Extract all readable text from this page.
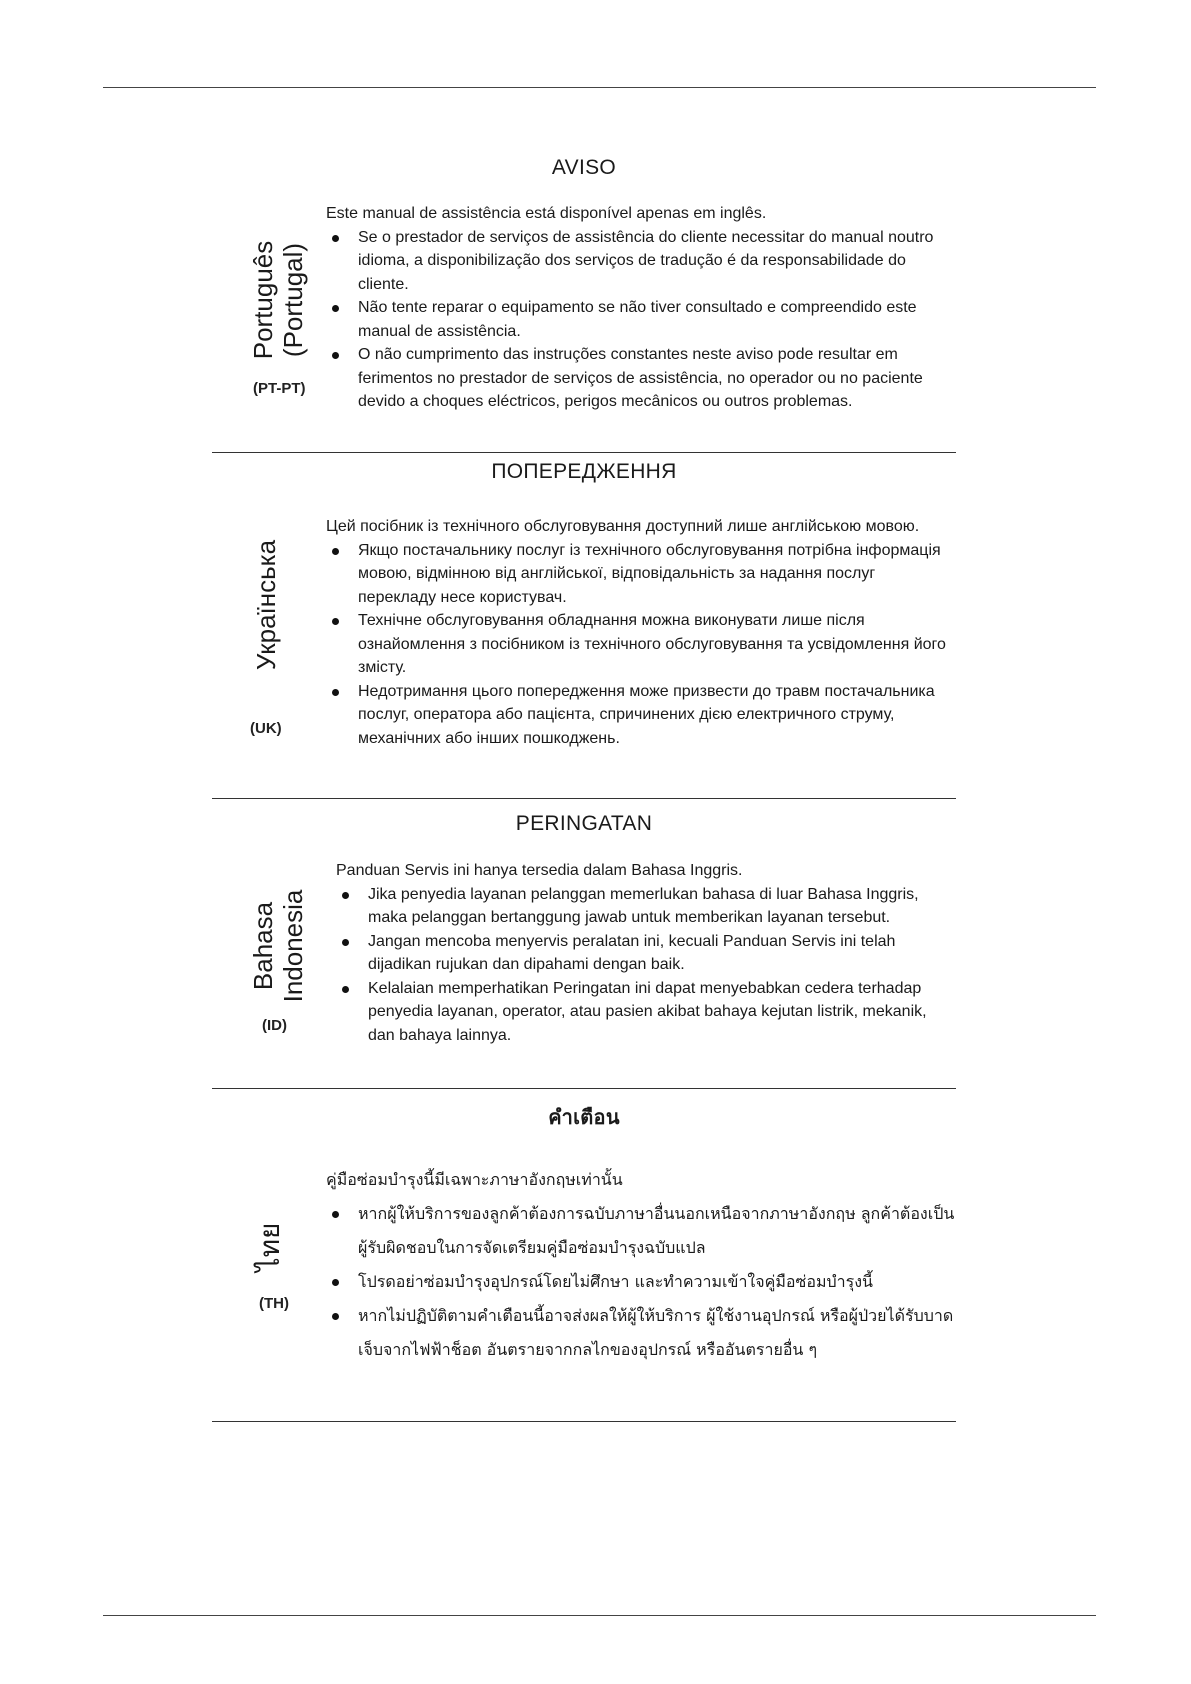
AVISO
Português
(Portugal)
(PT-PT)

Este manual de assistência está disponível apenas em inglês.

Se o prestador de serviços de assistência do cliente necessitar do manual noutro idioma, a disponibilização dos serviços de tradução é da responsabilidade do cliente.
Não tente reparar o equipamento se não tiver consultado e compreendido este manual de assistência.
O não cumprimento das instruções constantes neste aviso pode resultar em ferimentos no prestador de serviços de assistência, no operador ou no paciente devido a choques eléctricos, perigos mecânicos ou outros problemas.
ПОПЕРЕДЖЕННЯ
Українська
(UK)

Цей посібник із технічного обслуговування доступний лише англійською мовою.

Якщо постачальнику послуг із технічного обслуговування потрібна інформація мовою, відмінною від англійської, відповідальність за надання послуг перекладу несе користувач.
Технічне обслуговування обладнання можна виконувати лише після ознайомлення з посібником із технічного обслуговування та усвідомлення його змісту.
Недотримання цього попередження може призвести до травм постачальника послуг, оператора або пацієнта, спричинених дією електричного струму, механічних або інших пошкоджень.
PERINGATAN
Bahasa
Indonesia
(ID)

Panduan Servis ini hanya tersedia dalam Bahasa Inggris.

Jika penyedia layanan pelanggan memerlukan bahasa di luar Bahasa Inggris, maka pelanggan bertanggung jawab untuk memberikan layanan tersebut.
Jangan mencoba menyervis peralatan ini, kecuali Panduan Servis ini telah dijadikan rujukan dan dipahami dengan baik.
Kelalaian memperhatikan Peringatan ini dapat menyebabkan cedera terhadap penyedia layanan, operator, atau pasien akibat bahaya kejutan listrik, mekanik, dan bahaya lainnya.
คำเตือน
ไทย
(TH)

คู่มือซ่อมบำรุงนี้มีเฉพาะภาษาอังกฤษเท่านั้น

หากผู้ให้บริการของลูกค้าต้องการฉบับภาษาอื่นนอกเหนือจากภาษาอังกฤษ ลูกค้าต้องเป็นผู้รับผิดชอบในการจัดเตรียมคู่มือซ่อมบำรุงฉบับแปล
โปรดอย่าซ่อมบำรุงอุปกรณ์โดยไม่ศึกษา และทำความเข้าใจคู่มือซ่อมบำรุงนี้
หากไม่ปฏิบัติตามคำเตือนนี้อาจส่งผลให้ผู้ให้บริการ ผู้ใช้งานอุปกรณ์ หรือผู้ป่วยได้รับบาดเจ็บจากไฟฟ้าช็อต อันตรายจากกลไกของอุปกรณ์ หรืออันตรายอื่น ๆ
